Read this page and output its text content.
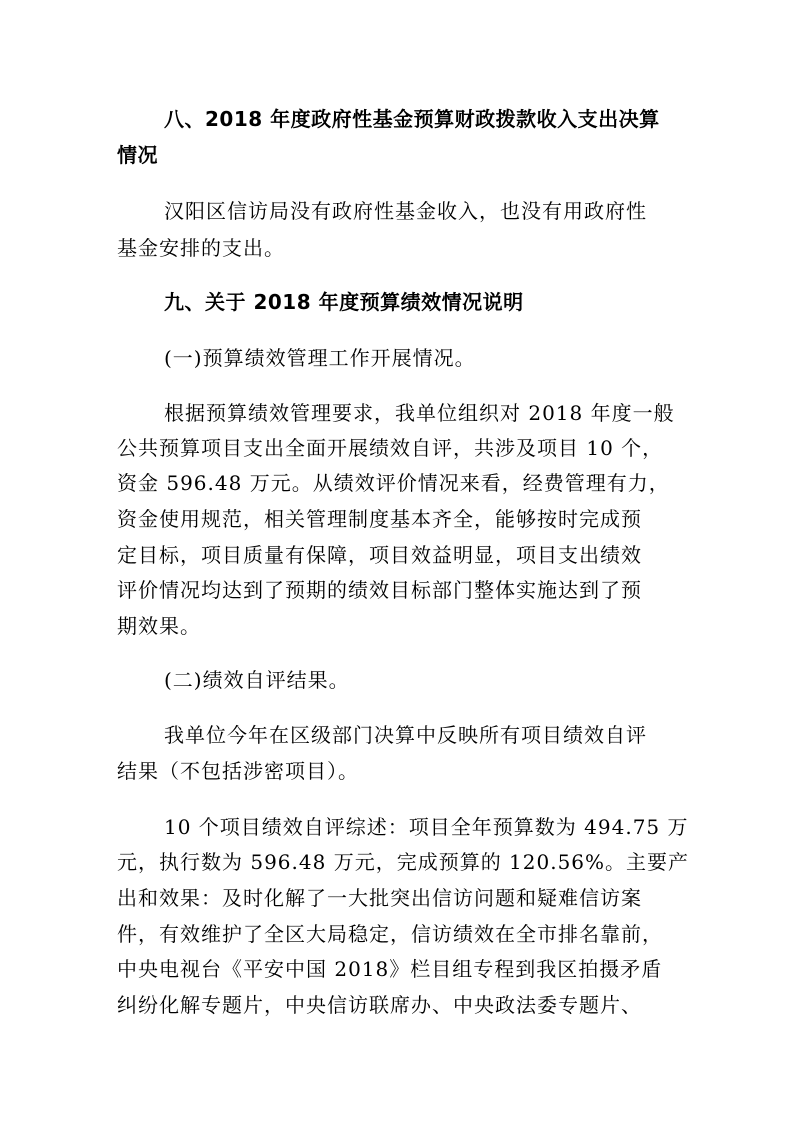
八、2018 年度政府性基金预算财政拨款收入支出决算
情况
汉阳区信访局没有政府性基金收入，也没有用政府性
基金安排的支出。
九、关于 2018 年度预算绩效情况说明
(一)预算绩效管理工作开展情况。
根据预算绩效管理要求，我单位组织对 2018 年度一般
公共预算项目支出全面开展绩效自评，共涉及项目 10 个，
资金 596.48 万元。从绩效评价情况来看，经费管理有力，
资金使用规范，相关管理制度基本齐全，能够按时完成预
定目标，项目质量有保障，项目效益明显，项目支出绩效
评价情况均达到了预期的绩效目标部门整体实施达到了预
期效果。
(二)绩效自评结果。
我单位今年在区级部门决算中反映所有项目绩效自评
结果（不包括涉密项目）。
10 个项目绩效自评综述：项目全年预算数为 494.75 万
元，执行数为 596.48 万元，完成预算的 120.56%。主要产
出和效果：及时化解了一大批突出信访问题和疑难信访案
件，有效维护了全区大局稳定，信访绩效在全市排名靠前，
中央电视台《平安中国 2018》栏目组专程到我区拍摄矛盾
纠纷化解专题片，中央信访联席办、中央政法委专题片、
